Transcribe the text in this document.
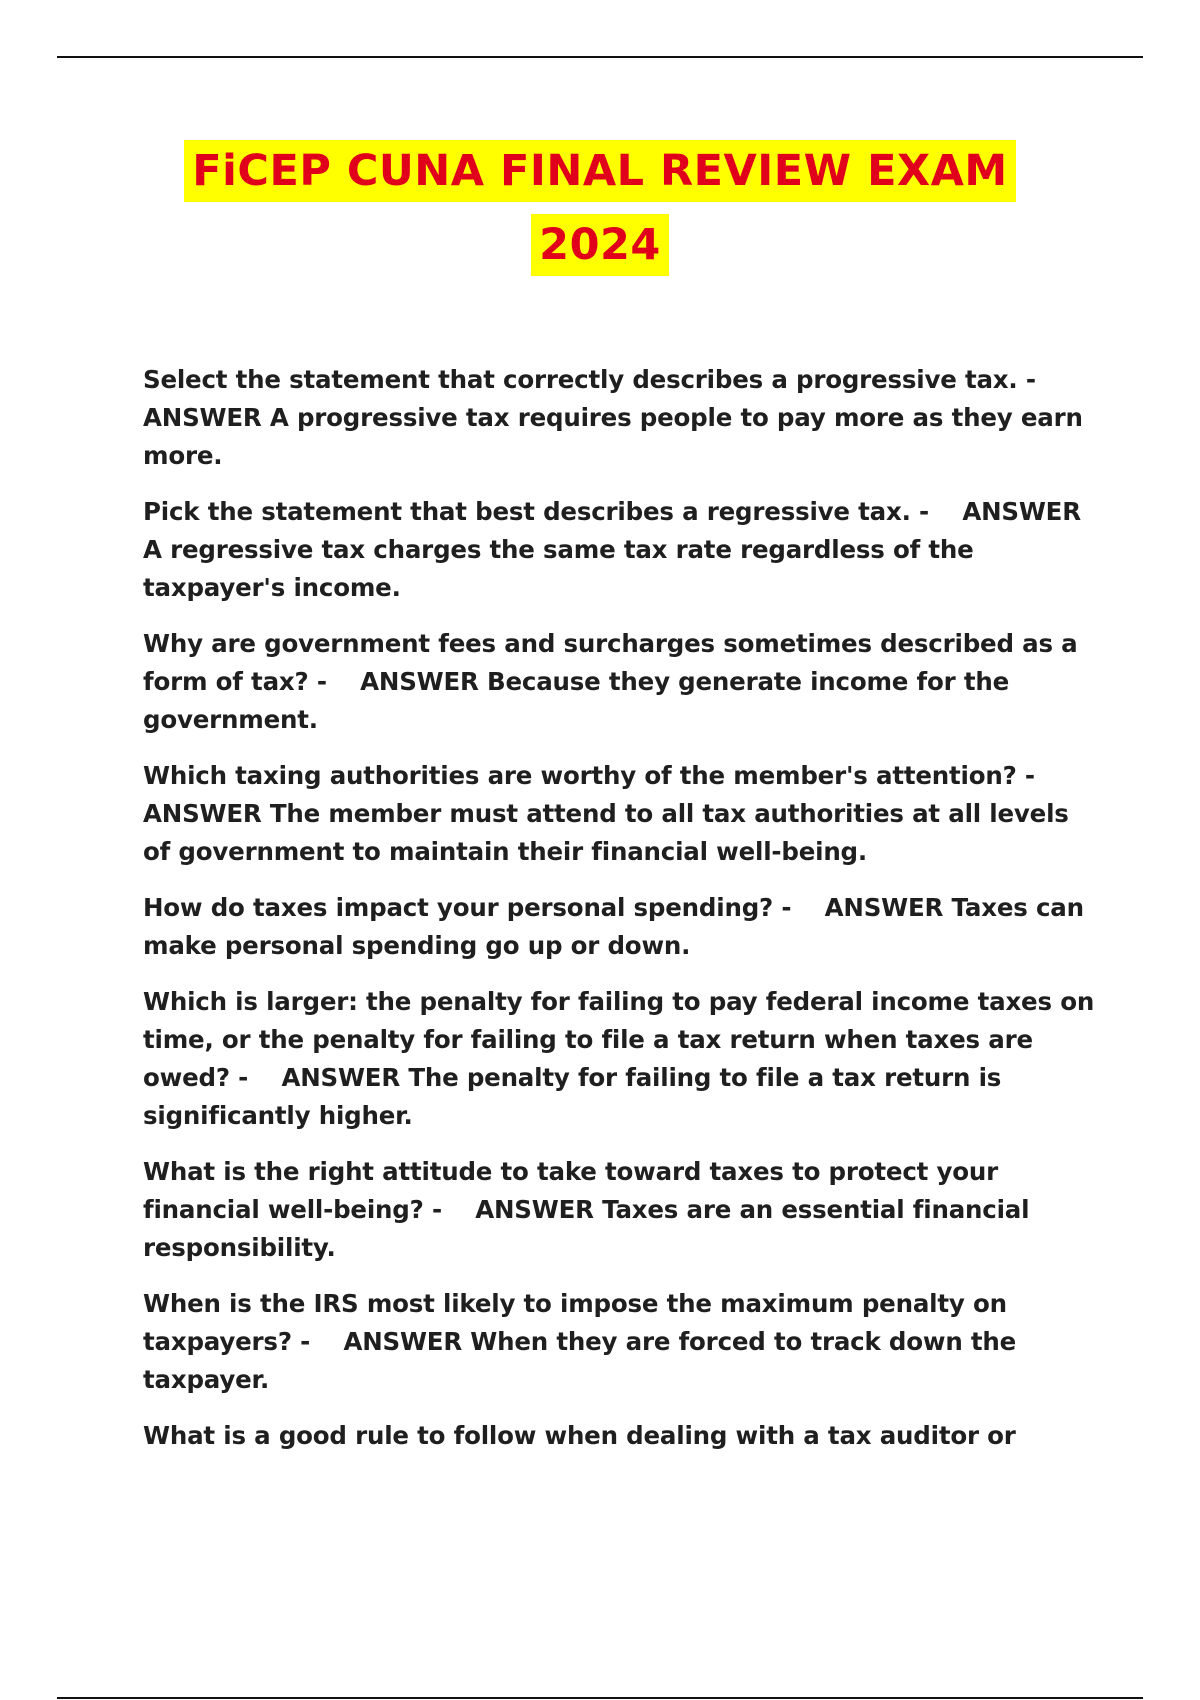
FiCEP CUNA FINAL REVIEW EXAM
2024

Select the statement that correctly describes a progressive tax. - ANSWER A progressive tax requires people to pay more as they earn more.

Pick the statement that best describes a regressive tax. -    ANSWER A regressive tax charges the same tax rate regardless of the taxpayer's income.

Why are government fees and surcharges sometimes described as a form of tax? -    ANSWER Because they generate income for the government.

Which taxing authorities are worthy of the member's attention? - ANSWER The member must attend to all tax authorities at all levels of government to maintain their financial well-being.

How do taxes impact your personal spending? -    ANSWER Taxes can make personal spending go up or down.

Which is larger: the penalty for failing to pay federal income taxes on time, or the penalty for failing to file a tax return when taxes are owed? -    ANSWER The penalty for failing to file a tax return is significantly higher.

What is the right attitude to take toward taxes to protect your financial well-being? -    ANSWER Taxes are an essential financial responsibility.

When is the IRS most likely to impose the maximum penalty on taxpayers? -    ANSWER When they are forced to track down the taxpayer.

What is a good rule to follow when dealing with a tax auditor or
